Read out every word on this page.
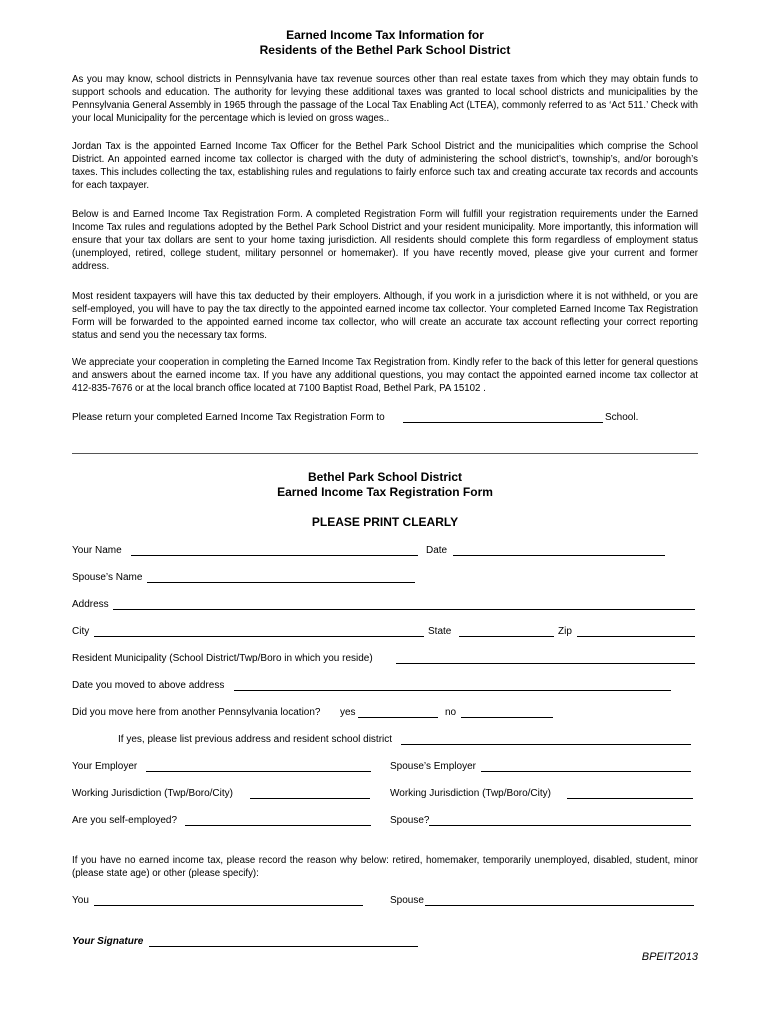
Earned Income Tax Information for
Residents of the Bethel Park School District

As you may know, school districts in Pennsylvania have tax revenue sources other than real estate taxes from which they may obtain funds to support schools and education. The authority for levying these additional taxes was granted to local school districts and municipalities by the Pennsylvania General Assembly in 1965 through the passage of the Local Tax Enabling Act (LTEA), commonly referred to as ‘Act 511.’ Check with your local Municipality for the percentage which is levied on gross wages..

Jordan Tax is the appointed Earned Income Tax Officer for the Bethel Park School District and the municipalities which comprise the School District. An appointed earned income tax collector is charged with the duty of administering the school district’s, township’s, and/or borough’s taxes. This includes collecting the tax, establishing rules and regulations to fairly enforce such tax and creating accurate tax records and accounts for each taxpayer.

Below is and Earned Income Tax Registration Form. A completed Registration Form will fulfill your registration requirements under the Earned Income Tax rules and regulations adopted by the Bethel Park School District and your resident municipality. More importantly, this information will ensure that your tax dollars are sent to your home taxing jurisdiction. All residents should complete this form regardless of employment status (unemployed, retired, college student, military personnel or homemaker). If you have recently moved, please give your current and former address.

Most resident taxpayers will have this tax deducted by their employers. Although, if you work in a jurisdiction where it is not withheld, or you are self-employed, you will have to pay the tax directly to the appointed earned income tax collector. Your completed Earned Income Tax Registration Form will be forwarded to the appointed earned income tax collector, who will create an accurate tax account reflecting your correct reporting status and send you the necessary tax forms.

We appreciate your cooperation in completing the Earned Income Tax Registration from. Kindly refer to the back of this letter for general questions and answers about the earned income tax. If you have any additional questions, you may contact the appointed earned income tax collector at 412-835-7676 or at the local branch office located at 7100 Baptist Road, Bethel Park, PA 15102 .

Please return your completed Earned Income Tax Registration Form to	School.
Bethel Park School District
Earned Income Tax Registration Form
PLEASE PRINT CLEARLY
Your Name	Date
Spouse’s Name
Address
City	State	Zip
Resident Municipality (School District/Twp/Boro in which you reside)
Date you moved to above address
Did you move here from another Pennsylvania location? yes	no
If yes, please list previous address and resident school district
Your Employer	Spouse’s Employer
Working Jurisdiction (Twp/Boro/City)	Working Jurisdiction (Twp/Boro/City)
Are you self-employed?	Spouse?

If you have no earned income tax, please record the reason why below: retired, homemaker, temporarily unemployed, disabled, student, minor (please state age) or other (please specify):

You	Spouse
Your Signature
BPEIT2013
